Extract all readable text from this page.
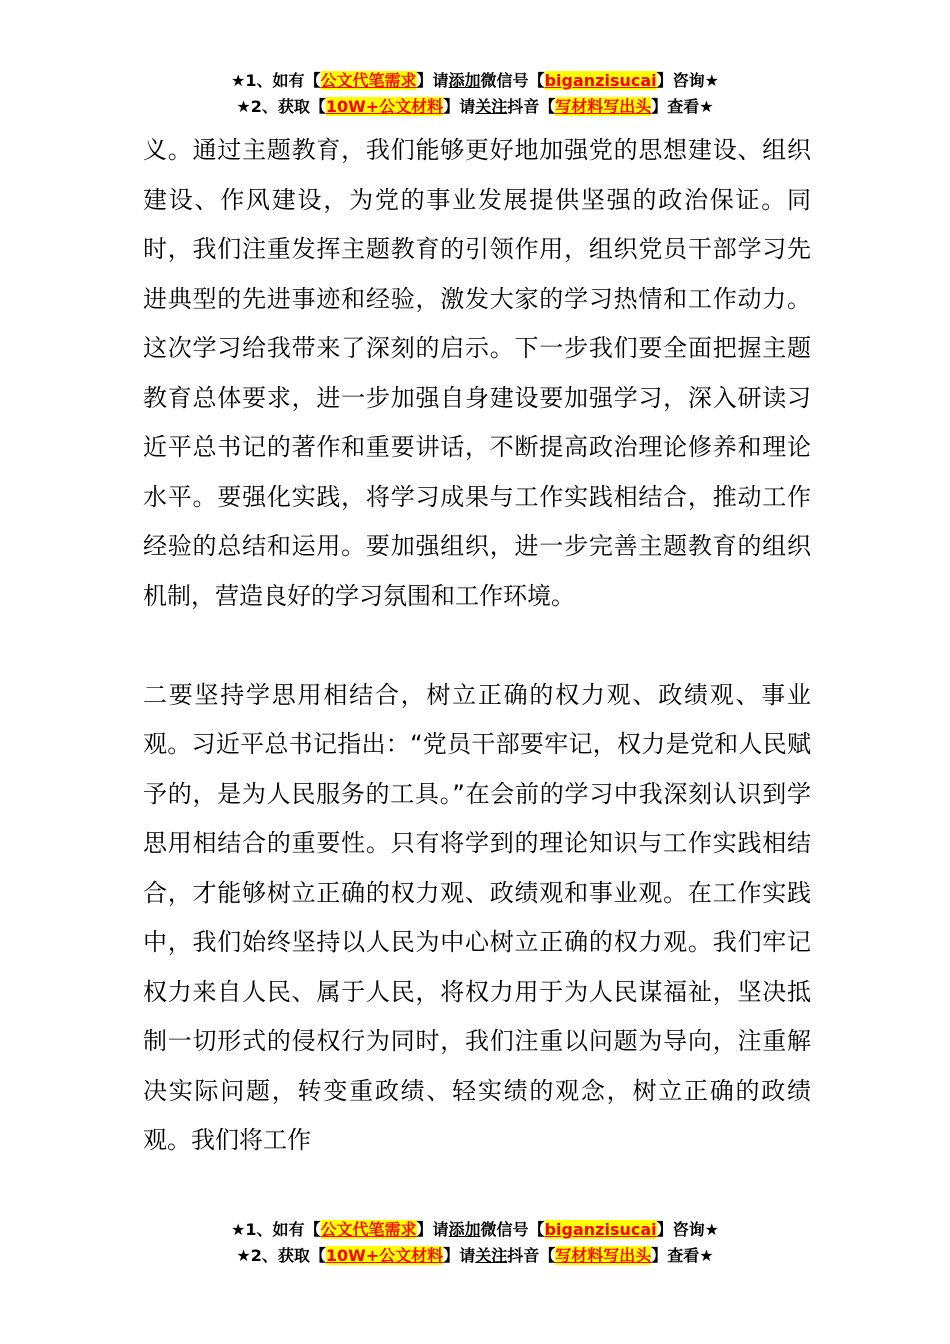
★1、如有【公文代笔需求】请添加微信号【biganzisucai】咨询★
★2、获取【10W+公文材料】请关注抖音【写材料写出头】查看★

义。通过主题教育，我们能够更好地加强党的思想建设、组织建设、作风建设，为党的事业发展提供坚强的政治保证。同时，我们注重发挥主题教育的引领作用，组织党员干部学习先进典型的先进事迹和经验，激发大家的学习热情和工作动力。这次学习给我带来了深刻的启示。下一步我们要全面把握主题教育总体要求，进一步加强自身建设要加强学习，深入研读习近平总书记的著作和重要讲话，不断提高政治理论修养和理论水平。要强化实践，将学习成果与工作实践相结合，推动工作经验的总结和运用。要加强组织，进一步完善主题教育的组织机制，营造良好的学习氛围和工作环境。

二要坚持学思用相结合，树立正确的权力观、政绩观、事业观。习近平总书记指出：“党员干部要牢记，权力是党和人民赋予的，是为人民服务的工具。”在会前的学习中我深刻认识到学思用相结合的重要性。只有将学到的理论知识与工作实践相结合，才能够树立正确的权力观、政绩观和事业观。在工作实践中，我们始终坚持以人民为中心树立正确的权力观。我们牢记权力来自人民、属于人民，将权力用于为人民谋福祉，坚决抵制一切形式的侵权行为同时，我们注重以问题为导向，注重解决实际问题，转变重政绩、轻实绩的观念，树立正确的政绩观。我们将工作

★1、如有【公文代笔需求】请添加微信号【biganzisucai】咨询★
★2、获取【10W+公文材料】请关注抖音【写材料写出头】查看★
